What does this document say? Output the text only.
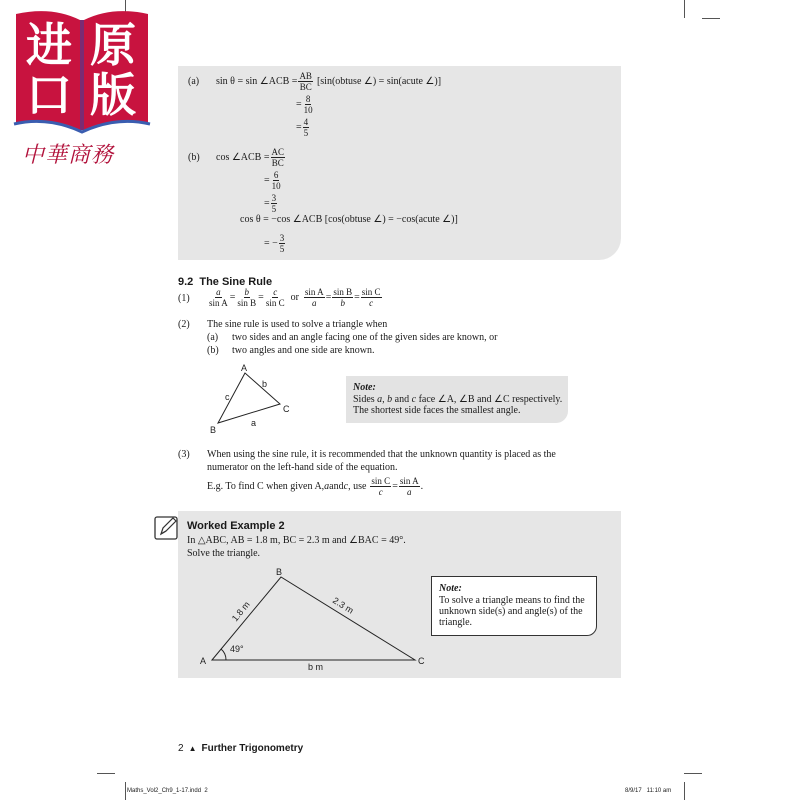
进 原
口 版
中華商務
(a) sin θ = sin ∠ACB = $\frac{AB}{BC}$ [sin(obtuse ∠) = sin(acute ∠)]
= $\frac{8}{10}$
= $\frac{4}{5}$
(b) cos ∠ACB = $\frac{AC}{BC}$
= $\frac{6}{10}$
= $\frac{3}{5}$
cos θ = −cos ∠ACB [cos(obtuse ∠) = −cos(acute ∠)]
= − $\frac{3}{5}$
9.2 The Sine Rule
$(1) \frac{a}{\text{sin A}} = \frac{b}{\text{sin B}} = \frac{c}{\text{sin C}}$ or $\frac{\text{sin A}}{a} = \frac{\text{sin B}}{b} = \frac{\text{sin C}}{c}$
(2) The sine rule is used to solve a triangle when
(a) two sides and an angle facing one of the given sides are known, or
(b) two angles and one side are known.
A
B
C
b
c
a
Note:
Sides a, b and c face ∠A, ∠B and ∠C respectively.
The shortest side faces the smallest angle.
(3) When using the sine rule, it is recommended that the unknown quantity is placed as the
numerator on the left-hand side of the equation.
E.g. To find C when given A, a and c , use $\frac{\text{sin C}}{c} = \frac{\text{sin A}}{a}$ .
Worked Example 2
In △ABC, AB = 1.8 m, BC = 2.3 m and ∠BAC = 49°.
Solve the triangle.
B
A	C
b m
49°
1.8 m	2.3 m
Note:
To solve a triangle means to find the
unknown side(s) and angle(s) of the
triangle.
2 ▲ Further Trigonometry
Maths_Vol2_Ch9_1-17.indd  2	8/9/17   11:10 am
